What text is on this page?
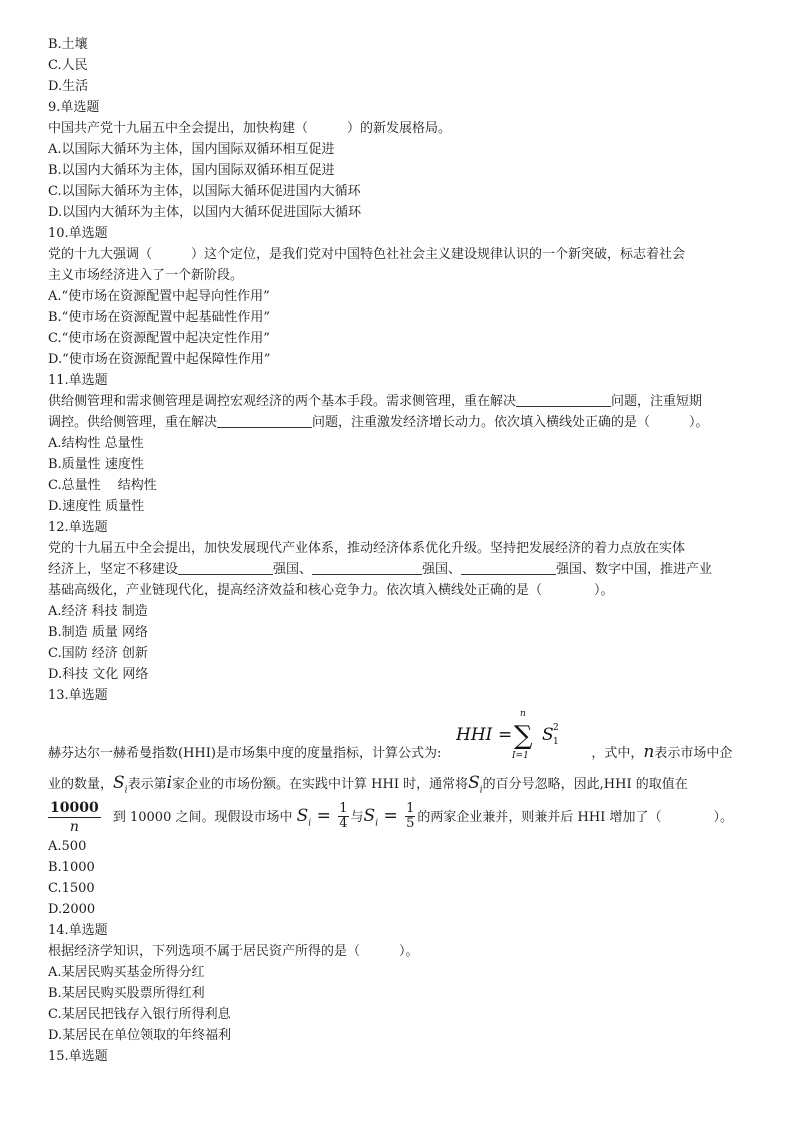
B.土壤
C.人民
D.生活
9.单选题
中国共产党十九届五中全会提出，加快构建（　　　）的新发展格局。
A.以国际大循环为主体，国内国际双循环相互促进
B.以国内大循环为主体，国内国际双循环相互促进
C.以国际大循环为主体，以国际大循环促进国内大循环
D.以国内大循环为主体，以国内大循环促进国际大循环
10.单选题
党的十九大强调（　　　）这个定位，是我们党对中国特色社社会主义建设规律认识的一个新突破，标志着社会
主义市场经济进入了一个新阶段。
A.“使市场在资源配置中起导向性作用”
B.“使市场在资源配置中起基础性作用”
C.“使市场在资源配置中起决定性作用”
D.“使市场在资源配置中起保障性作用”
11.单选题
供给侧管理和需求侧管理是调控宏观经济的两个基本手段。需求侧管理，重在解决	问题，注重短期
调控。供给侧管理，重在解决	问题，注重激发经济增长动力。依次填入横线处正确的是（　　　）。
A.结构性 总量性
B.质量性 速度性
C.总量性　 结构性
D.速度性 质量性
12.单选题
党的十九届五中全会提出，加快发展现代产业体系，推动经济体系优化升级。坚持把发展经济的着力点放在实体
经济上，坚定不移建设	强国、	强国、	强国、数字中国，推进产业
基础高级化，产业链现代化，提高经济效益和核心竞争力。依次填入横线处正确的是（　　　　）。
A.经济 科技 制造
B.制造 质量 网络
C.国防 经济 创新
D.科技 文化 网络
13.单选题
HHI =
n
∑
I=1
S 2
1
赫芬达尔一赫希曼指数(HHI)是市场集中度的度量指标，计算公式为:	，式中，n表示市场中企
业的数量，$S_i$表示第i家企业的市场份额。在实践中计算 HHI 时，通常将$S_i$的百分号忽略，因此,HHI 的取值在
$\frac{10000}{n}$ 到 10000 之间。现假设市场中 $S_i = \frac{1}{4}$ 与$S_i = \frac{1}{5}$ 的两家企业兼并，则兼并后 HHI 增加了（　　　　）。
A.500
B.1000
C.1500
D.2000
14.单选题
根据经济学知识，下列选项不属于居民资产所得的是（　　　）。
A.某居民购买基金所得分红
B.某居民购买股票所得红利
C.某居民把钱存入银行所得利息
D.某居民在单位领取的年终福利
15.单选题
